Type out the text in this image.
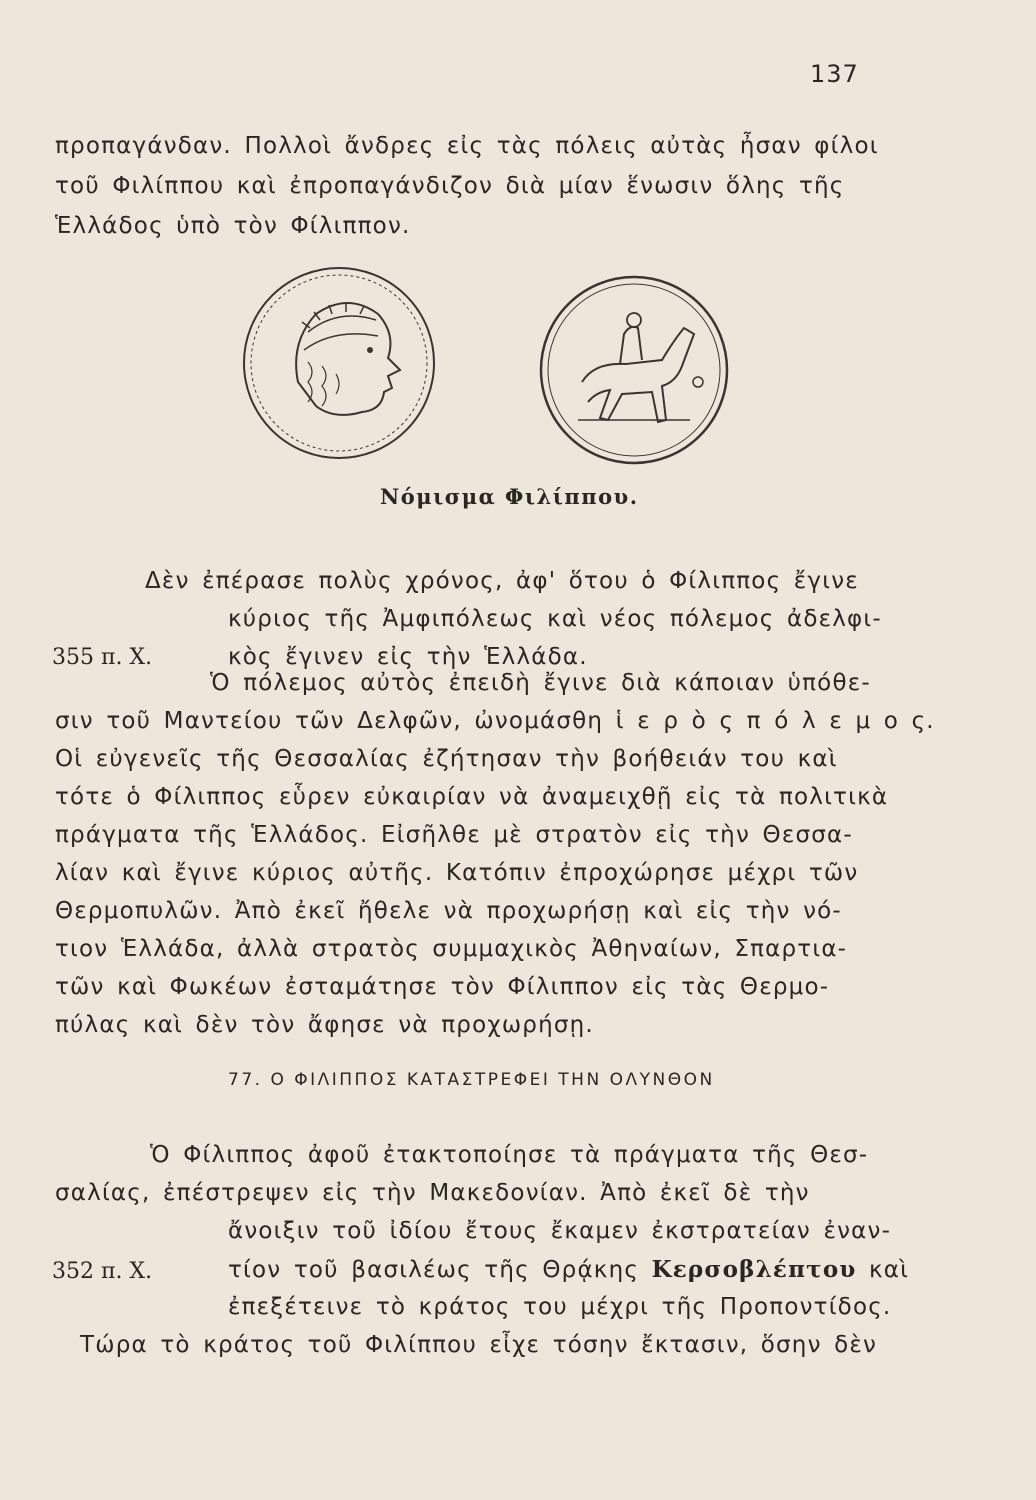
137
προπαγάνδαν. Πολλοὶ ἄνδρες εἰς τὰς πόλεις αὐτὰς ἦσαν φίλοι
τοῦ Φιλίππου καὶ ἐπροπαγάνδιζον διὰ μίαν ἕνωσιν ὅλης τῆς
Ἑλλάδος ὑπὸ τὸν Φίλιππον.
Νόμισμα Φιλίππου.
Δὲν ἐπέρασε πολὺς χρόνος, ἀφ' ὅτου ὁ Φίλιππος ἔγινε
κύριος τῆς Ἀμφιπόλεως καὶ νέος πόλεμος ἀδελφι-
355 π. Χ.	κὸς ἔγινεν εἰς τὴν Ἑλλάδα.
Ὁ πόλεμος αὐτὸς ἐπειδὴ ἔγινε διὰ κάποιαν ὑπόθε-
σιν τοῦ Μαντείου τῶν Δελφῶν, ὠνομάσθη ἱ ε ρ ὸ ς π ό λ ε μ ο ς.
Οἱ εὐγενεῖς τῆς Θεσσαλίας ἐζήτησαν τὴν βοήθειάν του καὶ
τότε ὁ Φίλιππος εὗρεν εὐκαιρίαν νὰ ἀναμειχθῇ εἰς τὰ πολιτικὰ
πράγματα τῆς Ἑλλάδος. Εἰσῆλθε μὲ στρατὸν εἰς τὴν Θεσσα-
λίαν καὶ ἔγινε κύριος αὐτῆς. Κατόπιν ἐπροχώρησε μέχρι τῶν
Θερμοπυλῶν. Ἀπὸ ἐκεῖ ἤθελε νὰ προχωρήσῃ καὶ εἰς τὴν νό-
τιον Ἑλλάδα, ἀλλὰ στρατὸς συμμαχικὸς Ἀθηναίων, Σπαρτια-
τῶν καὶ Φωκέων ἐσταμάτησε τὸν Φίλιππον εἰς τὰς Θερμο-
πύλας καὶ δὲν τὸν ἄφησε νὰ προχωρήσῃ.
77. Ο ΦΙΛΙΠΠΟΣ ΚΑΤΑΣΤΡΕΦΕΙ ΤΗΝ ΟΛΥΝΘΟΝ
Ὁ Φίλιππος ἀφοῦ ἐτακτοποίησε τὰ πράγματα τῆς Θεσ-
σαλίας, ἐπέστρεψεν εἰς τὴν Μακεδονίαν. Ἀπὸ ἐκεῖ δὲ τὴν
ἄνοιξιν τοῦ ἰδίου ἔτους ἔκαμεν ἐκστρατείαν ἐναν-
352 π. Χ.	τίον τοῦ βασιλέως τῆς Θρᾴκης Κερσοβλέπτου καὶ
ἐπεξέτεινε τὸ κράτος του μέχρι τῆς Προποντίδος.
Τώρα τὸ κράτος τοῦ Φιλίππου εἶχε τόσην ἔκτασιν, ὅσην δὲν
